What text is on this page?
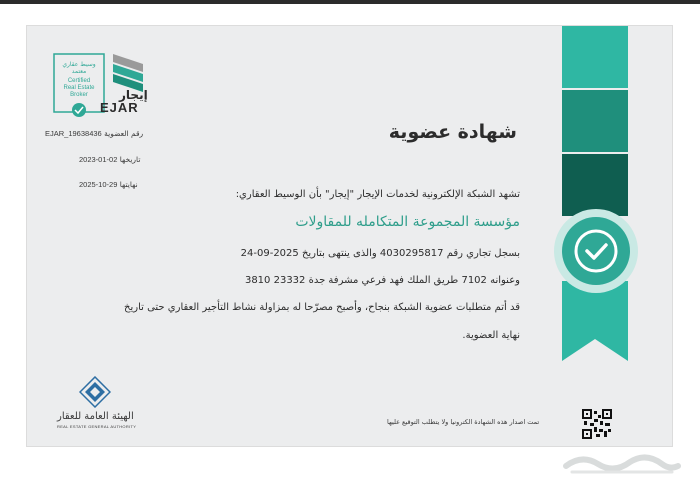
وسيط عقاري
معتمد
Certified
Real Estate
Broker	إيجار
EJAR
شهادة عضوية
رقم العضوية EJAR_19638436
تاريخها 2023-01-02
نهايتها 2025-10-29
تشهد الشبكة الإلكترونية لخدمات الإيجار "إيجار" بأن الوسيط العقاري:
مؤسسة المجموعة المتكامله للمقاولات
بسجل تجاري رقم 4030295817 والذى ينتهى بتاريخ 2025-09-24
وعنوانه 7102 طريق الملك فهد فرعي مشرفة جدة 23332 3810
قد أتم متطلبات عضوية الشبكة بنجاح، وأصبح مصرّحا له بمزاولة نشاط التأجير العقاري حتى تاريخ
نهاية العضوية.
الهيئة العامة للعقار
REAL ESTATE GENERAL AUTHORITY
تمت اصدار هذه الشهادة الكترونيا ولا يتطلب التوقيع عليها
